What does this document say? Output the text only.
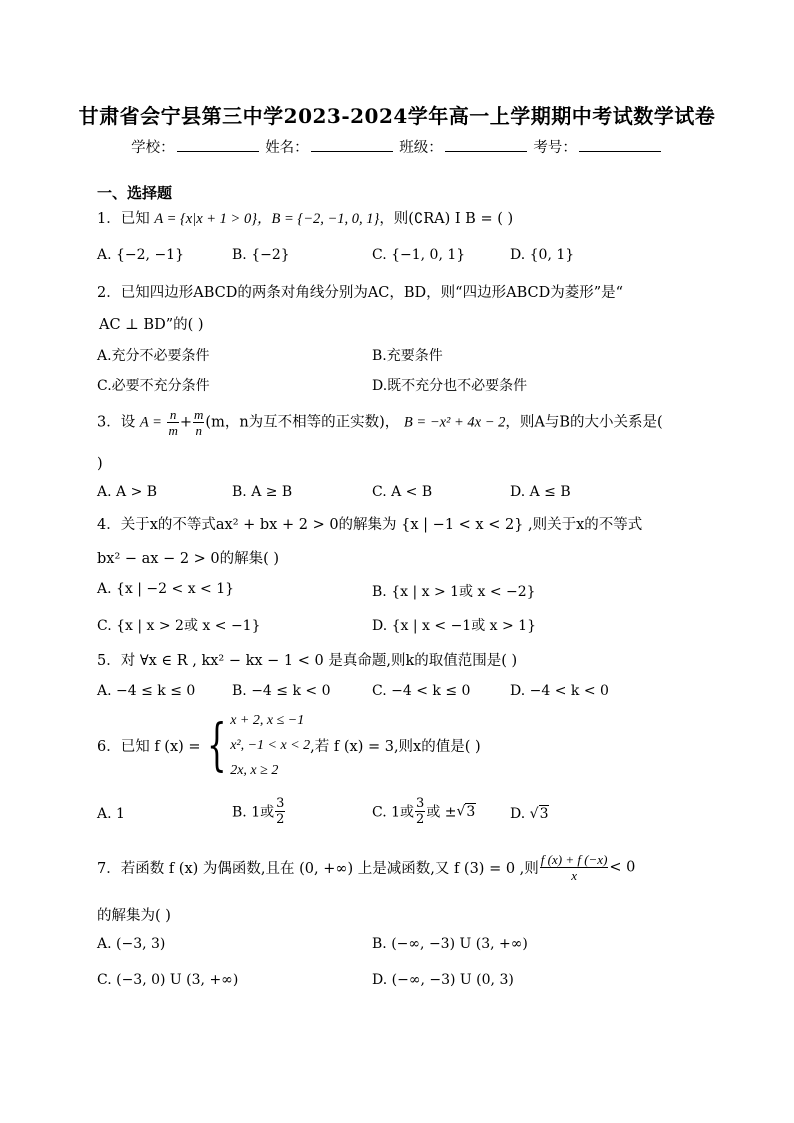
甘肃省会宁县第三中学2023-2024学年高一上学期期中考试数学试卷
学校：	姓名：	班级：	考号：
一、选择题
1．已知 A = {x|x + 1 > 0}，B = {−2, −1, 0, 1}，则(∁RA) I B = ( )
A. {−2, −1}	B. {−2}	C. {−1, 0, 1}	D. {0, 1}
2．已知四边形ABCD的两条对角线分别为AC，BD，则“四边形ABCD为菱形”是“
AC ⊥ BD”的( )
A.充分不必要条件	B.充要条件
C.必要不充分条件	D.既不充分也不必要条件
3．设 $A = \frac{n}{m} + \frac{m}{n} (m$，n为互不相等的正实数)， B = −x² + 4x − 2，则A与B的大小关系是(
)
A. A > B	B. A ≥ B	C. A < B	D. A ≤ B
4．关于x的不等式ax² + bx + 2 > 0的解集为 {x | −1 < x < 2} ,则关于x的不等式
bx² − ax − 2 > 0的解集( )
A. {x | −2 < x < 1}	B. {x | x > 1或 x < −2}
C. {x | x > 2或 x < −1}	D. {x | x < −1或 x > 1}
5．对 ∀x ∈ R , kx² − kx − 1 < 0 是真命题,则k的取值范围是( )
A. −4 ≤ k ≤ 0	B. −4 ≤ k < 0	C. −4 < k ≤ 0	D. −4 < k < 0
6．已知 f (x) = { x + 2, x ≤ −1
x², −1 < x < 2
2x, x ≥ 2,若 f (x) = 3,则x的值是( )
A. 1	B. 1或 $\frac{3}{2}$	C. 1或 $\frac{3}{2}$ 或 ±√3 D. √3
7．若函数 f (x) 为偶函数,且在 (0, +∞) 上是减函数,又 f (3) = 0 ,则 $\frac{f (x) + f (-x)}{x} < 0$
的解集为( )
A. (−3, 3)	B. (−∞, −3) U (3, +∞)
C. (−3, 0) U (3, +∞)	D. (−∞, −3) U (0, 3)
